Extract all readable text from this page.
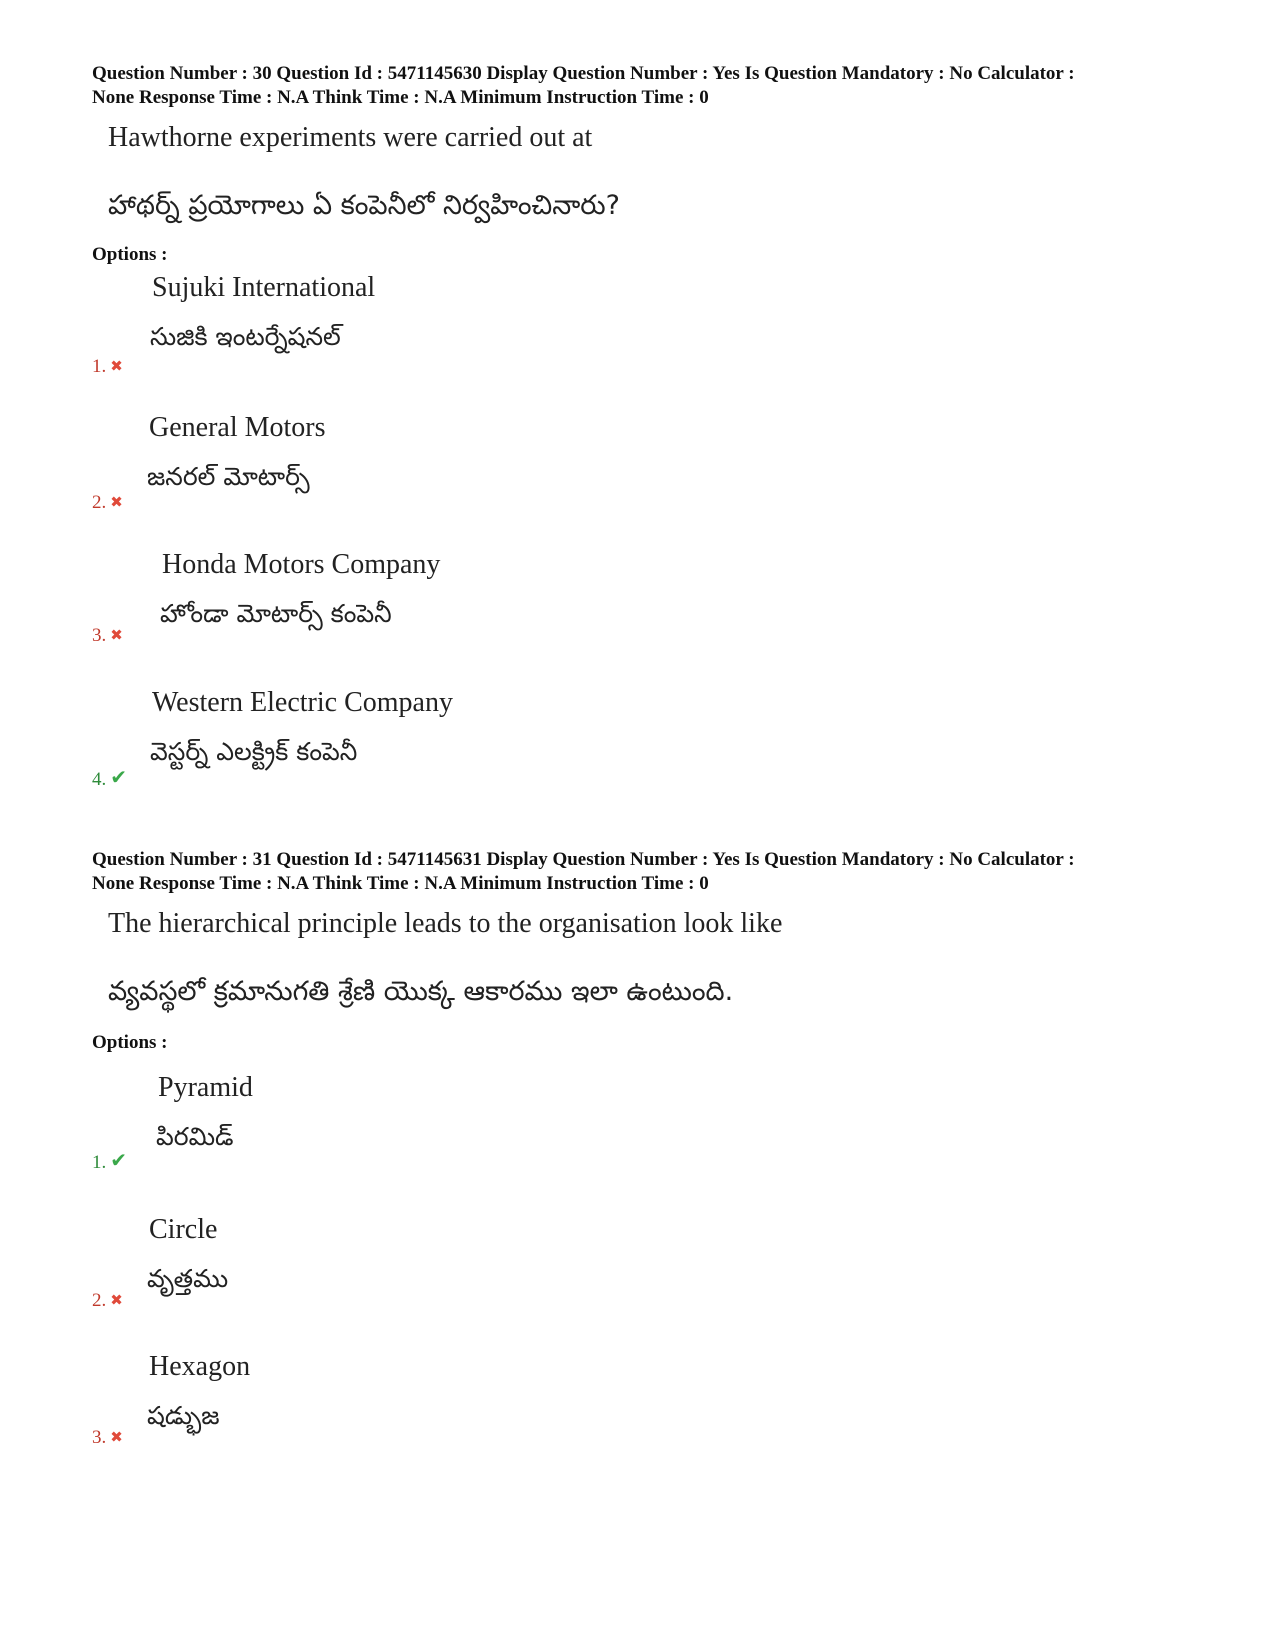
Question Number : 30 Question Id : 5471145630 Display Question Number : Yes Is Question Mandatory : No Calculator :

None Response Time : N.A Think Time : N.A Minimum Instruction Time : 0

Hawthorne experiments were carried out at
హాథర్న్ ప్రయోగాలు ఏ కంపెనీలో నిర్వహించినారు?
Options :
Sujuki International
సుజికి ఇంటర్నేషనల్
1. ✖
General Motors
జనరల్ మోటార్స్
2. ✖
Honda Motors Company
హోండా మోటార్స్ కంపెనీ
3. ✖
Western Electric Company
వెస్టర్న్ ఎలక్ట్రిక్ కంపెనీ
4. ✔

Question Number : 31 Question Id : 5471145631 Display Question Number : Yes Is Question Mandatory : No Calculator :

None Response Time : N.A Think Time : N.A Minimum Instruction Time : 0

The hierarchical principle leads to the organisation look like
వ్యవస్థలో క్రమానుగతి శ్రేణి యొక్క ఆకారము ఇలా ఉంటుంది.
Options :
Pyramid
పిరమిడ్
1. ✔
Circle
వృత్తము
2. ✖
Hexagon
షడ్భుజ
3. ✖
